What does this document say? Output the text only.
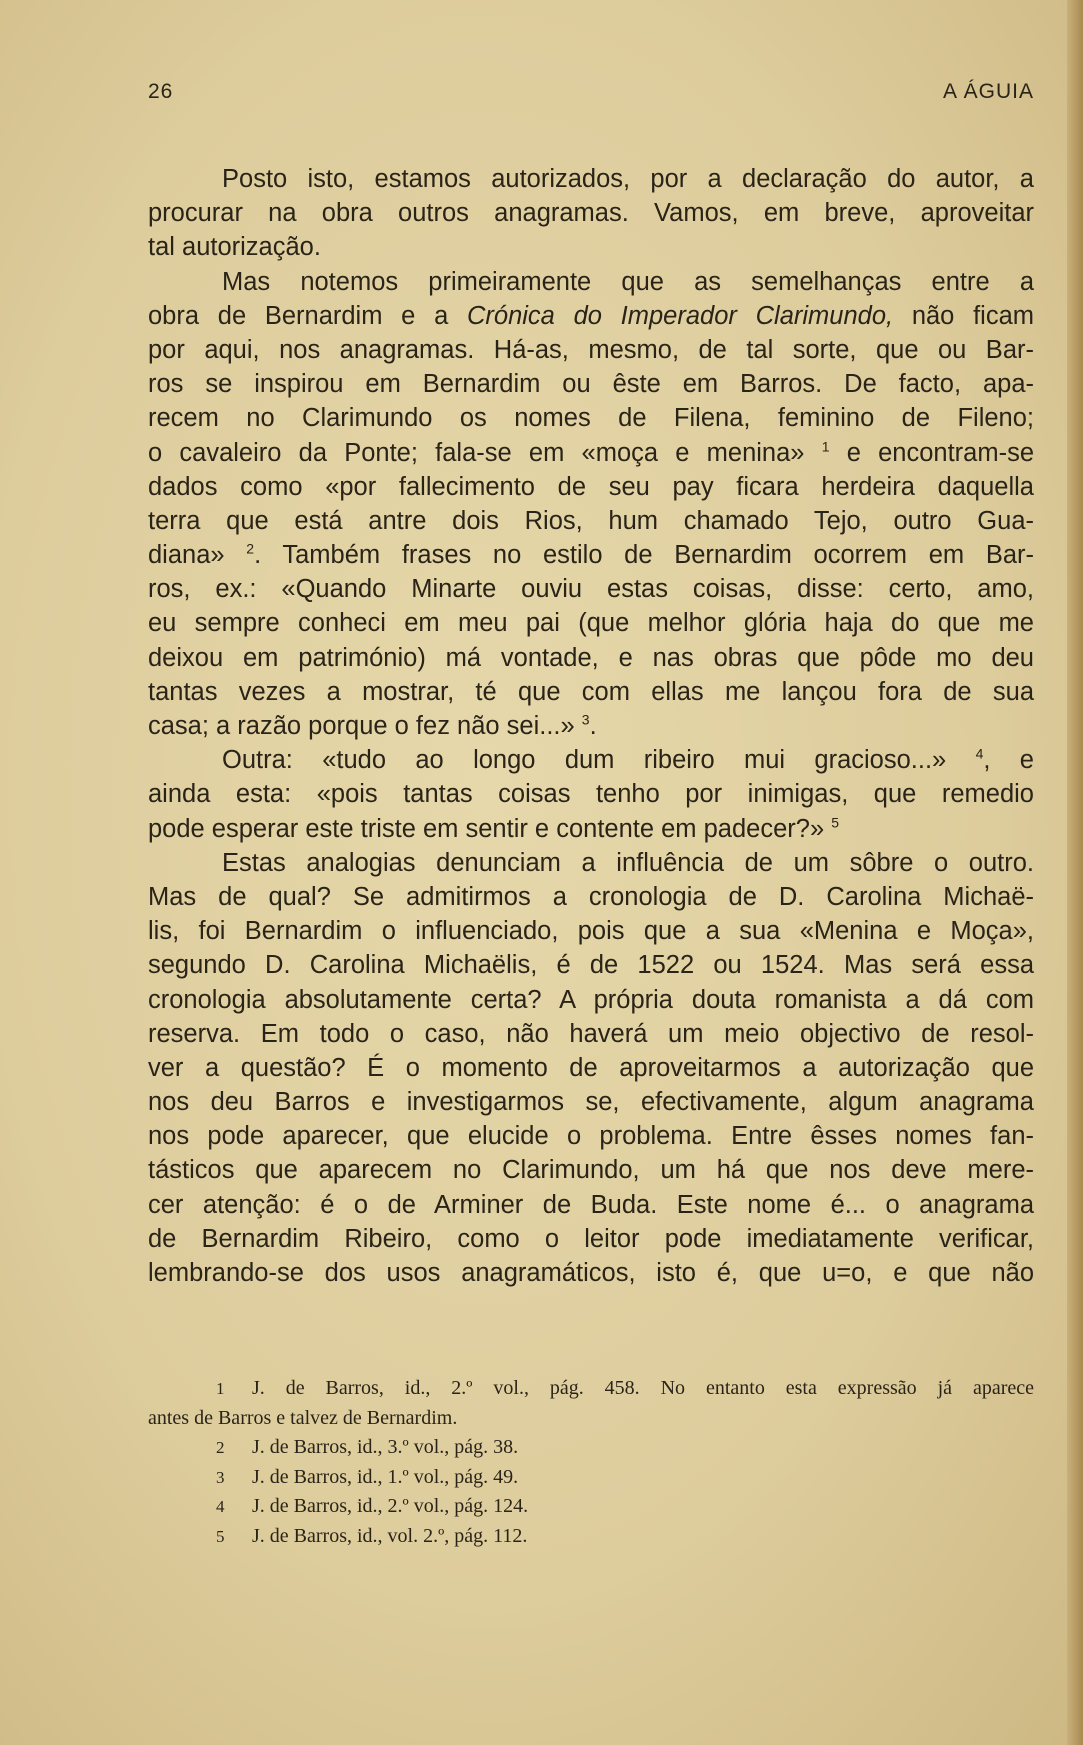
26	A ÁGUIA
Posto isto, estamos autorizados, por a declaração do autor, a
procurar na obra outros anagramas. Vamos, em breve, aproveitar
tal autorização.
Mas notemos primeiramente que as semelhanças entre a
obra de Bernardim e a Crónica do Imperador Clarimundo, não ficam
por aqui, nos anagramas. Há-as, mesmo, de tal sorte, que ou Bar-
ros se inspirou em Bernardim ou êste em Barros. De facto, apa-
recem no Clarimundo os nomes de Filena, feminino de Fileno;
o cavaleiro da Ponte; fala-se em «moça e menina» $^1$ e encontram-se
dados como «por fallecimento de seu pay ficara herdeira daquella
terra que está antre dois Rios, hum chamado Tejo, outro Gua-
diana» $^2$. Também frases no estilo de Bernardim ocorrem em Bar-
ros, ex.: «Quando Minarte ouviu estas coisas, disse: certo, amo,
eu sempre conheci em meu pai (que melhor glória haja do que me
deixou em património) má vontade, e nas obras que pôde mo deu
tantas vezes a mostrar, té que com ellas me lançou fora de sua
casa; a razão porque o fez não sei...» $^3$.
Outra: «tudo ao longo dum ribeiro mui gracioso...» $^4$, e
ainda esta: «pois tantas coisas tenho por inimigas, que remedio
pode esperar este triste em sentir e contente em padecer?» $^5$
Estas analogias denunciam a influência de um sôbre o outro.
Mas de qual? Se admitirmos a cronologia de D. Carolina Michaë-
lis, foi Bernardim o influenciado, pois que a sua «Menina e Moça»,
segundo D. Carolina Michaëlis, é de 1522 ou 1524. Mas será essa
cronologia absolutamente certa? A própria douta romanista a dá com
reserva. Em todo o caso, não haverá um meio objectivo de resol-
ver a questão? É o momento de aproveitarmos a autorização que
nos deu Barros e investigarmos se, efectivamente, algum anagrama
nos pode aparecer, que elucide o problema. Entre êsses nomes fan-
tásticos que aparecem no Clarimundo, um há que nos deve mere-
cer atenção: é o de Arminer de Buda. Este nome é... o anagrama
de Bernardim Ribeiro, como o leitor pode imediatamente verificar,
lembrando-se dos usos anagramáticos, isto é, que u=o, e que não
1 J. de Barros, id., 2.º vol., pág. 458. No entanto esta expressão já aparece
antes de Barros e talvez de Bernardim.
2 J. de Barros, id., 3.º vol., pág. 38.
3 J. de Barros, id., 1.º vol., pág. 49.
4 J. de Barros, id., 2.º vol., pág. 124.
5 J. de Barros, id., vol. 2.º, pág. 112.
